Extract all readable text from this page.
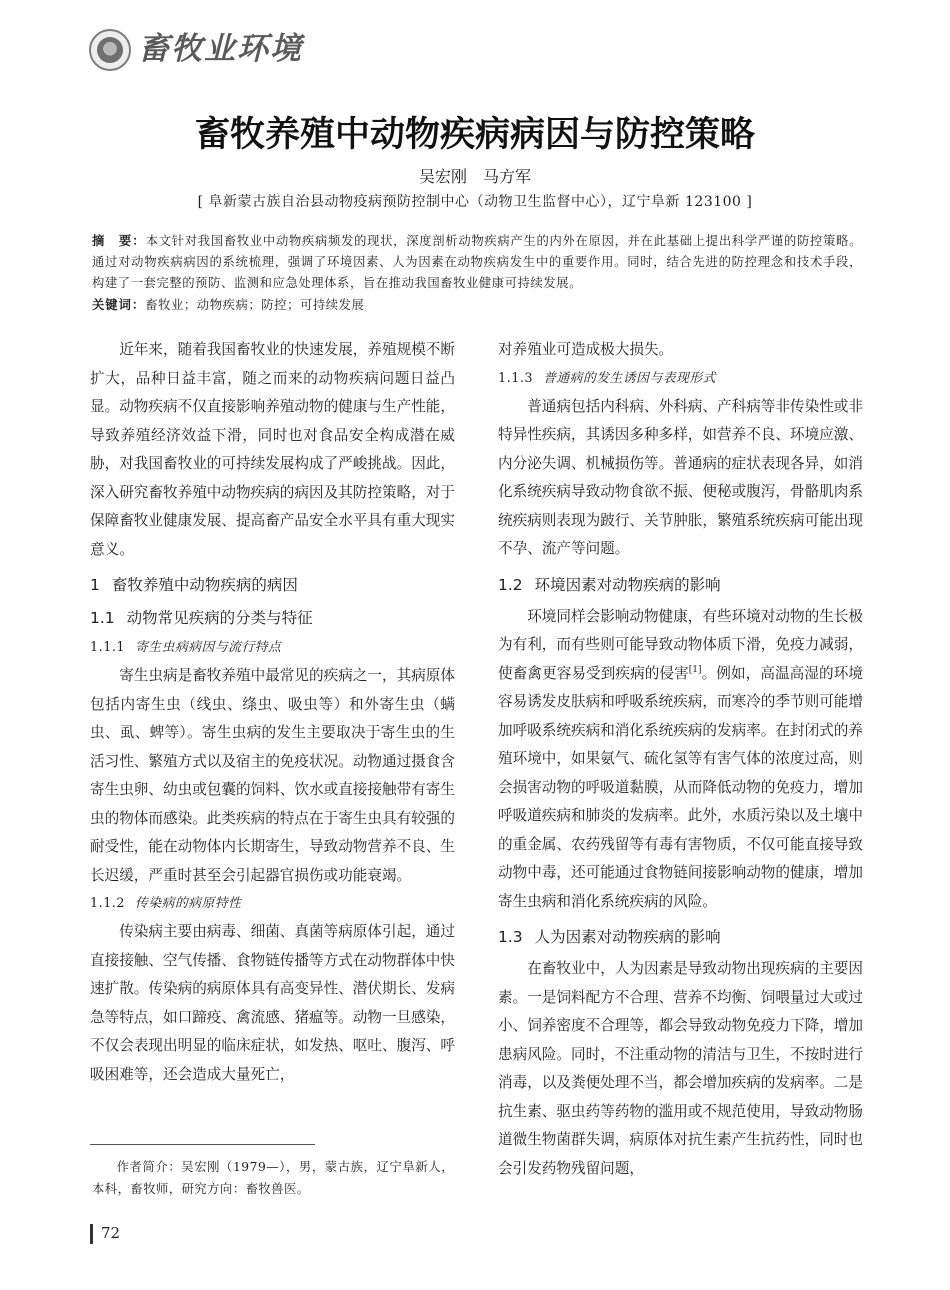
畜牧业环境
畜牧养殖中动物疾病病因与防控策略
吴宏刚　马方军
[ 阜新蒙古族自治县动物疫病预防控制中心（动物卫生监督中心），辽宁阜新 123100 ]
摘　要：本文针对我国畜牧业中动物疾病频发的现状，深度剖析动物疾病产生的内外在原因，并在此基础上提出科学严谨的防控策略。通过对动物疾病病因的系统梳理，强调了环境因素、人为因素在动物疾病发生中的重要作用。同时，结合先进的防控理念和技术手段，构建了一套完整的预防、监测和应急处理体系，旨在推动我国畜牧业健康可持续发展。
关键词：畜牧业；动物疾病；防控；可持续发展

近年来，随着我国畜牧业的快速发展，养殖规模不断扩大，品种日益丰富，随之而来的动物疾病问题日益凸显。动物疾病不仅直接影响养殖动物的健康与生产性能，导致养殖经济效益下滑，同时也对食品安全构成潜在威胁，对我国畜牧业的可持续发展构成了严峻挑战。因此，深入研究畜牧养殖中动物疾病的病因及其防控策略，对于保障畜牧业健康发展、提高畜产品安全水平具有重大现实意义。

1 畜牧养殖中动物疾病的病因
1.1 动物常见疾病的分类与特征
1.1.1 寄生虫病病因与流行特点

寄生虫病是畜牧养殖中最常见的疾病之一，其病原体包括内寄生虫（线虫、绦虫、吸虫等）和外寄生虫（螨虫、虱、蜱等）。寄生虫病的发生主要取决于寄生虫的生活习性、繁殖方式以及宿主的免疫状况。动物通过摄食含寄生虫卵、幼虫或包囊的饲料、饮水或直接接触带有寄生虫的物体而感染。此类疾病的特点在于寄生虫具有较强的耐受性，能在动物体内长期寄生，导致动物营养不良、生长迟缓，严重时甚至会引起器官损伤或功能衰竭。

1.1.2 传染病的病原特性

传染病主要由病毒、细菌、真菌等病原体引起，通过直接接触、空气传播、食物链传播等方式在动物群体中快速扩散。传染病的病原体具有高变异性、潜伏期长、发病急等特点，如口蹄疫、禽流感、猪瘟等。动物一旦感染，不仅会表现出明显的临床症状，如发热、呕吐、腹泻、呼吸困难等，还会造成大量死亡，

作者简介：吴宏刚（1979—），男，蒙古族，辽宁阜新人，本科，畜牧师，研究方向：畜牧兽医。

对养殖业可造成极大损失。

1.1.3 普通病的发生诱因与表现形式

普通病包括内科病、外科病、产科病等非传染性或非特异性疾病，其诱因多种多样，如营养不良、环境应激、内分泌失调、机械损伤等。普通病的症状表现各异，如消化系统疾病导致动物食欲不振、便秘或腹泻，骨骼肌肉系统疾病则表现为跛行、关节肿胀，繁殖系统疾病可能出现不孕、流产等问题。

1.2 环境因素对动物疾病的影响

环境同样会影响动物健康，有些环境对动物的生长极为有利，而有些则可能导致动物体质下滑，免疫力减弱，使畜禽更容易受到疾病的侵害[1]。例如，高温高湿的环境容易诱发皮肤病和呼吸系统疾病，而寒冷的季节则可能增加呼吸系统疾病和消化系统疾病的发病率。在封闭式的养殖环境中，如果氨气、硫化氢等有害气体的浓度过高，则会损害动物的呼吸道黏膜，从而降低动物的免疫力，增加呼吸道疾病和肺炎的发病率。此外，水质污染以及土壤中的重金属、农药残留等有毒有害物质，不仅可能直接导致动物中毒，还可能通过食物链间接影响动物的健康，增加寄生虫病和消化系统疾病的风险。

1.3 人为因素对动物疾病的影响

在畜牧业中，人为因素是导致动物出现疾病的主要因素。一是饲料配方不合理、营养不均衡、饲喂量过大或过小、饲养密度不合理等，都会导致动物免疫力下降，增加患病风险。同时，不注重动物的清洁与卫生，不按时进行消毒，以及粪便处理不当，都会增加疾病的发病率。二是抗生素、驱虫药等药物的滥用或不规范使用，导致动物肠道微生物菌群失调，病原体对抗生素产生抗药性，同时也会引发药物残留问题，

72
